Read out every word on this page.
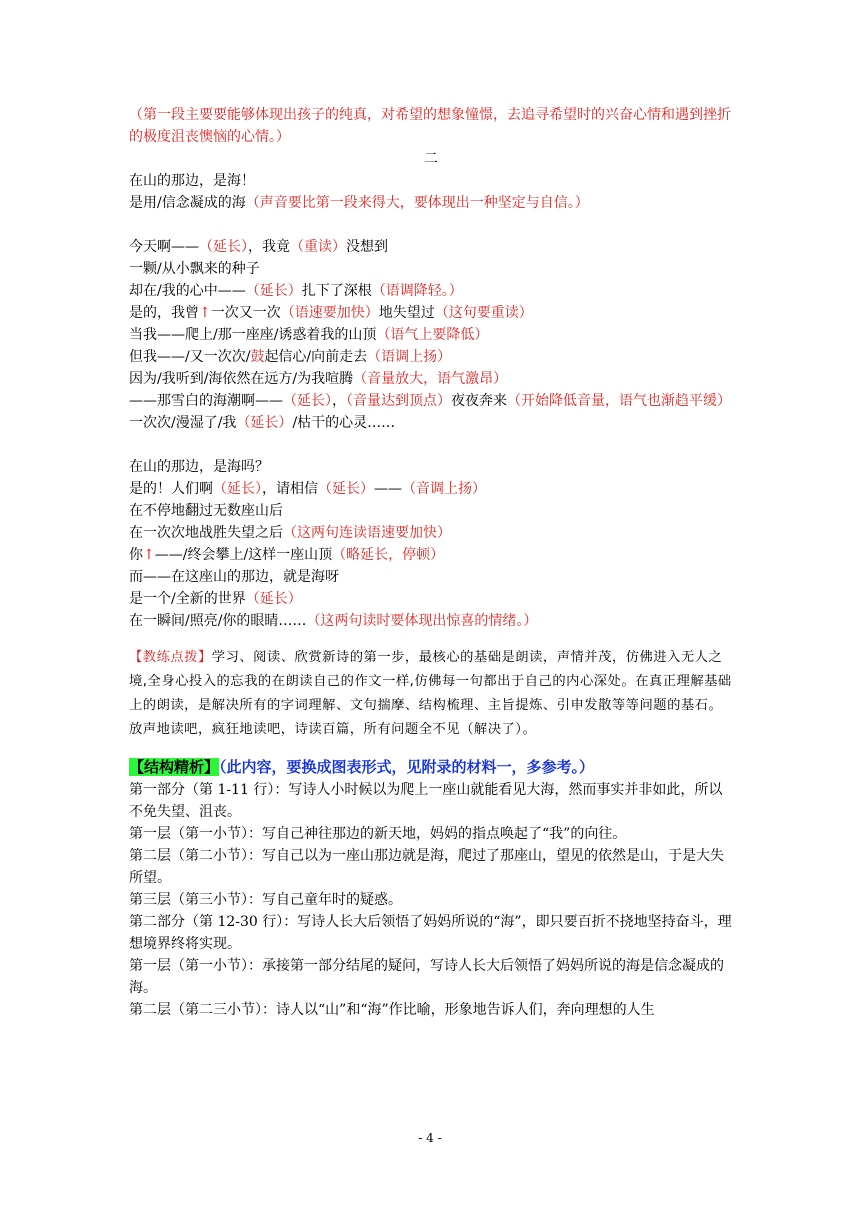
（第一段主要要能够体现出孩子的纯真，对希望的想象憧憬，去追寻希望时的兴奋心情和遇到挫折的极度沮丧懊恼的心情。）
二
在山的那边，是海！
是用/信念凝成的海（声音要比第一段来得大，要体现出一种坚定与自信。）
今天啊——（延长），我竟（重读）没想到
一颗/从小飘来的种子
却在/我的心中——（延长）扎下了深根（语调降轻。）
是的，我曾↑一次又一次（语速要加快）地失望过（这句要重读）
当我——爬上/那一座座/诱惑着我的山顶（语气上要降低）
但我——/又一次次/鼓起信心/向前走去（语调上扬）
因为/我听到/海依然在远方/为我喧腾（音量放大，语气激昂）
——那雪白的海潮啊——（延长），（音量达到顶点）夜夜奔来（开始降低音量，语气也渐趋平缓）
一次次/漫湿了/我（延长）/枯干的心灵……
在山的那边，是海吗？
是的！人们啊（延长），请相信（延长）——（音调上扬）
在不停地翻过无数座山后
在一次次地战胜失望之后（这两句连读语速要加快）
你↑——/终会攀上/这样一座山顶（略延长，停顿）
而——在这座山的那边，就是海呀
是一个/全新的世界（延长）
在一瞬间/照亮/你的眼睛……（这两句读时要体现出惊喜的情绪。）
【教练点拨】学习、阅读、欣赏新诗的第一步，最核心的基础是朗读，声情并茂，仿佛进入无人之境,全身心投入的忘我的在朗读自己的作文一样,仿佛每一句都出于自己的内心深处。在真正理解基础上的朗读，是解决所有的字词理解、文句揣摩、结构梳理、主旨提炼、引申发散等等问题的基石。
放声地读吧，疯狂地读吧，诗读百篇，所有问题全不见（解决了）。
【结构精析】（此内容，要换成图表形式，见附录的材料一，多参考。）
第一部分（第 1-11 行）：写诗人小时候以为爬上一座山就能看见大海，然而事实并非如此，所以不免失望、沮丧。
第一层（第一小节）：写自己神往那边的新天地，妈妈的指点唤起了“我”的向往。
第二层（第二小节）：写自己以为一座山那边就是海，爬过了那座山，望见的依然是山，于是大失所望。
第三层（第三小节）：写自己童年时的疑惑。
第二部分（第 12-30 行）：写诗人长大后领悟了妈妈所说的“海”，即只要百折不挠地坚持奋斗，理想境界终将实现。
第一层（第一小节）：承接第一部分结尾的疑问，写诗人长大后领悟了妈妈所说的海是信念凝成的海。
第二层（第二三小节）：诗人以“山”和“海”作比喻，形象地告诉人们，奔向理想的人生
- 4 -
